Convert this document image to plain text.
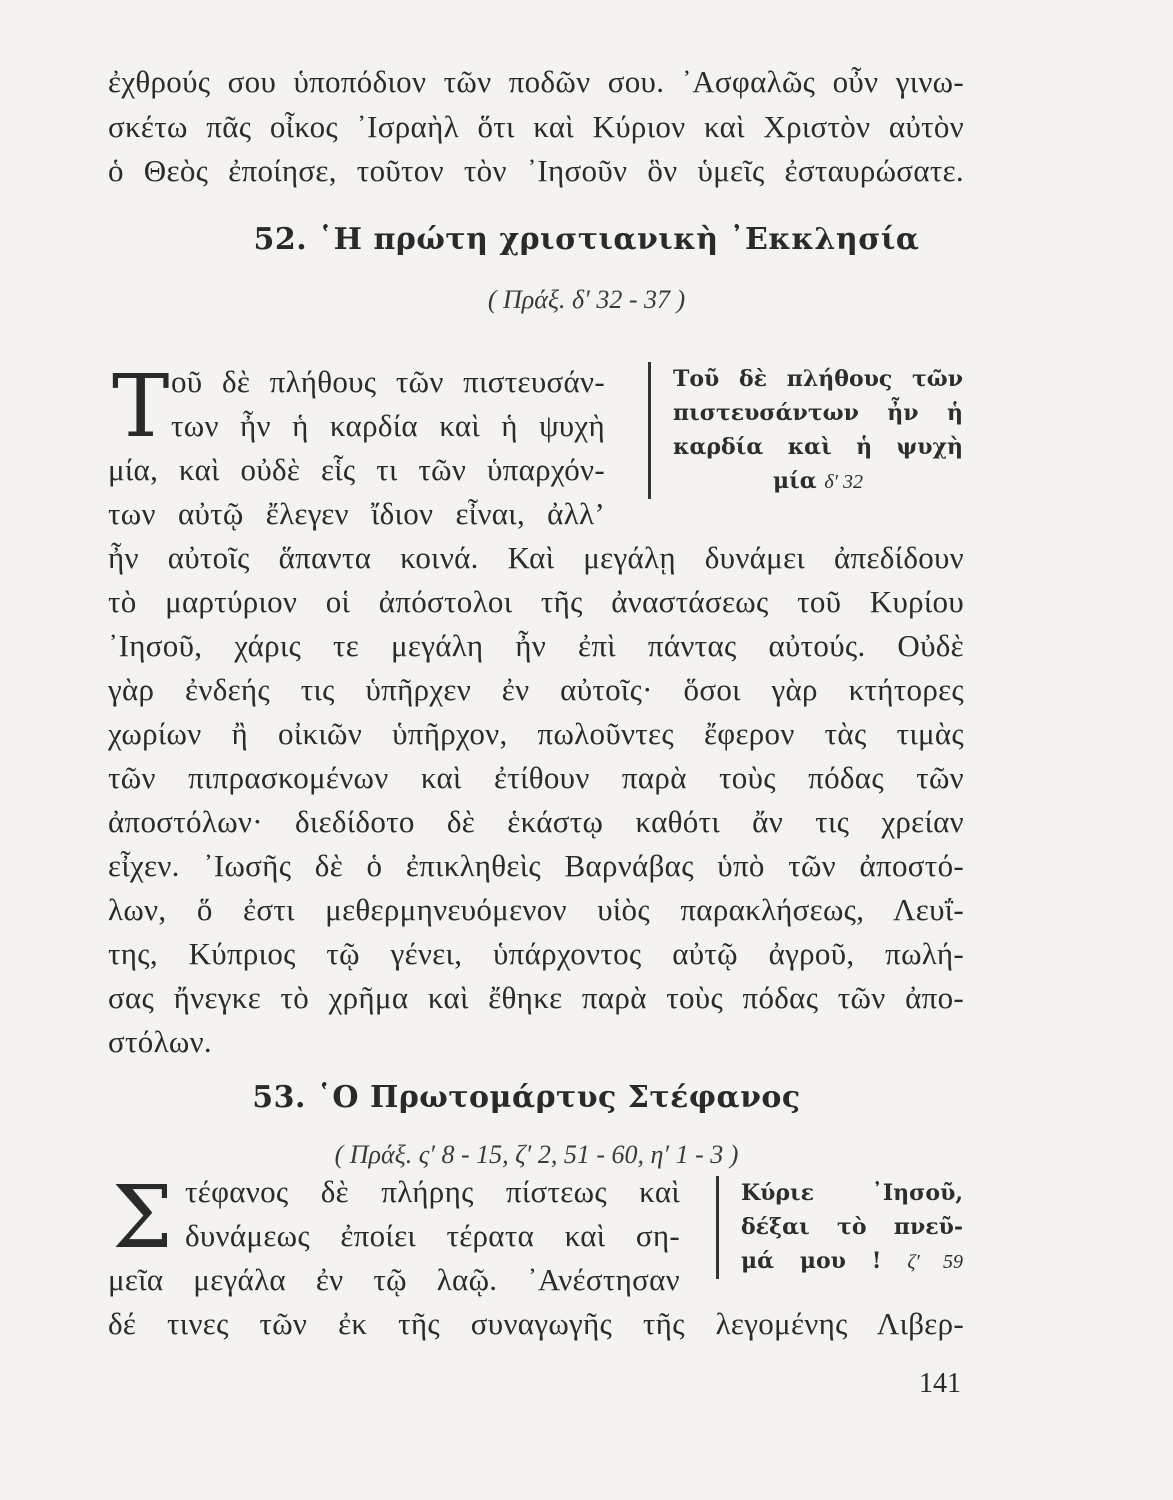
ἐχθρούς σου ὑποπόδιον τῶν ποδῶν σου. ᾿Ασφαλῶς οὖν γινω-
σκέτω πᾶς οἶκος ᾿Ισραὴλ ὅτι καὶ Κύριον καὶ Χριστὸν αὐτὸν
ὁ Θεὸς ἐποίησε, τοῦτον τὸν ᾿Ιησοῦν ὃν ὑμεῖς ἐσταυρώσατε.
52. ῾Η πρώτη χριστιανικὴ ᾿Εκκλησία
( Πράξ. δ′ 32 - 37 )
Τ οῦ δὲ πλήθους τῶν πιστευσάν-
των ἦν ἡ καρδία καὶ ἡ ψυχὴ
μία, καὶ οὐδὲ εἷς τι τῶν ὑπαρχόν-
των αὐτῷ ἔλεγεν ἴδιον εἶναι, ἀλλ’
Τοῦ δὲ πλήθους τῶν
πιστευσάντων ἦν ἡ
καρδία καὶ ἡ ψυχὴ
μία δ′ 32
ἦν αὐτοῖς ἅπαντα κοινά. Καὶ μεγάλῃ δυνάμει ἀπεδίδουν
τὸ μαρτύριον οἱ ἀπόστολοι τῆς ἀναστάσεως τοῦ Κυρίου
᾿Ιησοῦ, χάρις τε μεγάλη ἦν ἐπὶ πάντας αὐτούς. Οὐδὲ
γὰρ ἐνδεής τις ὑπῆρχεν ἐν αὐτοῖς· ὅσοι γὰρ κτήτορες
χωρίων ἢ οἰκιῶν ὑπῆρχον, πωλοῦντες ἔφερον τὰς τιμὰς
τῶν πιπρασκομένων καὶ ἐτίθουν παρὰ τοὺς πόδας τῶν
ἀποστόλων· διεδίδοτο δὲ ἑκάστῳ καθότι ἄν τις χρείαν
εἶχεν. ᾿Ιωσῆς δὲ ὁ ἐπικληθεὶς Βαρνάβας ὑπὸ τῶν ἀποστό-
λων, ὅ ἐστι μεθερμηνευόμενον υἱὸς παρακλήσεως, Λευΐ-
της, Κύπριος τῷ γένει, ὑπάρχοντος αὐτῷ ἀγροῦ, πωλή-
σας ἤνεγκε τὸ χρῆμα καὶ ἔθηκε παρὰ τοὺς πόδας τῶν ἀπο-
στόλων.
53. ῾Ο Πρωτομάρτυς Στέφανος
( Πράξ. ς′ 8 - 15, ζ′ 2, 51 - 60, η′ 1 - 3 )
Σ τέφανος δὲ πλήρης πίστεως καὶ
δυνάμεως ἐποίει τέρατα καὶ ση-
μεῖα μεγάλα ἐν τῷ λαῷ. ᾿Ανέστησαν
Κύριε ᾿Ιησοῦ,
δέξαι τὸ πνεῦ-
μά μου ! ζ′ 59
δέ τινες τῶν ἐκ τῆς συναγωγῆς τῆς λεγομένης Λιβερ-
141
